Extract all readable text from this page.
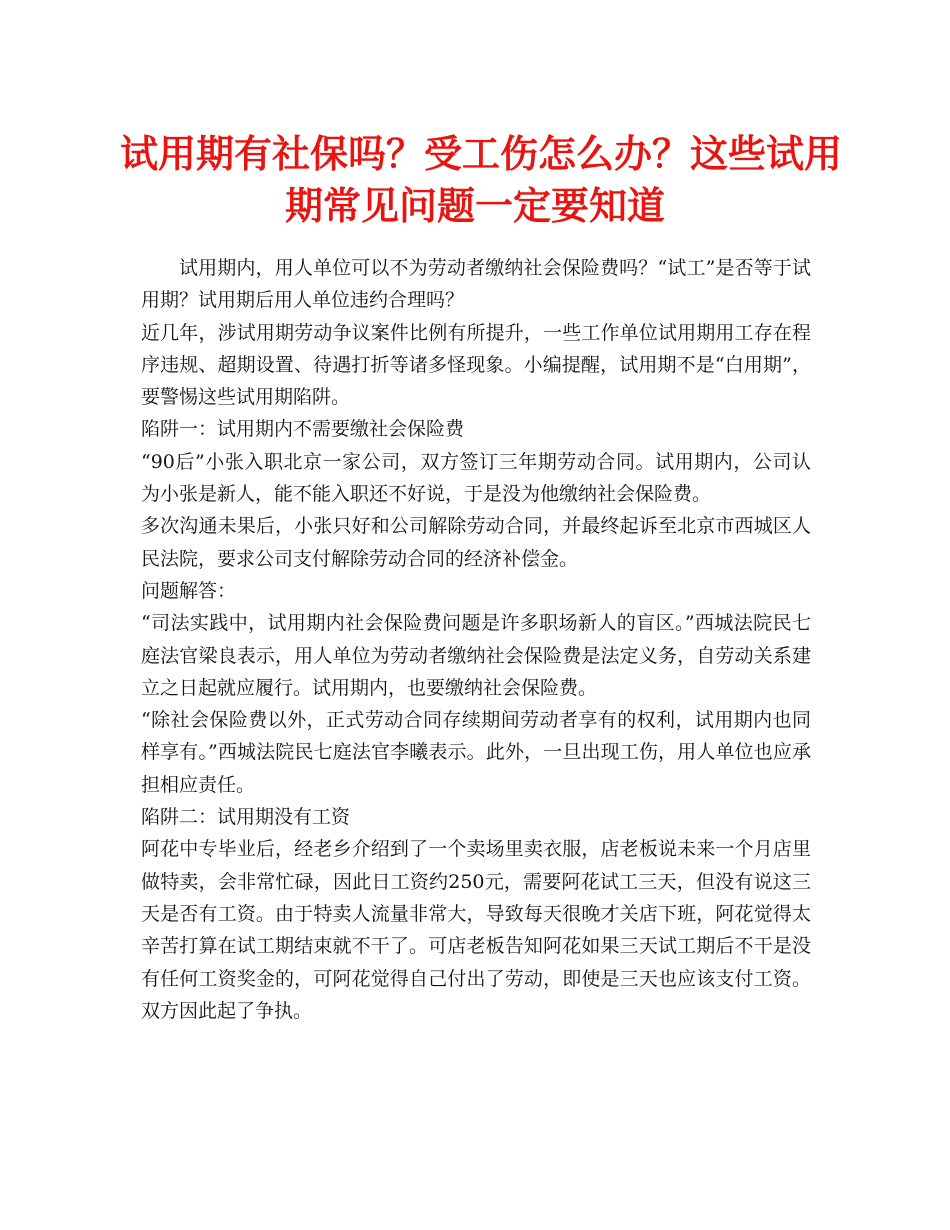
试用期有社保吗？受工伤怎么办？这些试用
期常见问题一定要知道

试用期内，用人单位可以不为劳动者缴纳社会保险费吗？“试工”是否等于试用期？试用期后用人单位违约合理吗？

近几年，涉试用期劳动争议案件比例有所提升，一些工作单位试用期用工存在程序违规、超期设置、待遇打折等诸多怪现象。小编提醒，试用期不是“白用期”，要警惕这些试用期陷阱。

陷阱一：试用期内不需要缴社会保险费

“90后”小张入职北京一家公司，双方签订三年期劳动合同。试用期内，公司认为小张是新人，能不能入职还不好说，于是没为他缴纳社会保险费。

多次沟通未果后，小张只好和公司解除劳动合同，并最终起诉至北京市西城区人民法院，要求公司支付解除劳动合同的经济补偿金。

问题解答：

“司法实践中，试用期内社会保险费问题是许多职场新人的盲区。”西城法院民七庭法官梁良表示，用人单位为劳动者缴纳社会保险费是法定义务，自劳动关系建立之日起就应履行。试用期内，也要缴纳社会保险费。

“除社会保险费以外，正式劳动合同存续期间劳动者享有的权利，试用期内也同样享有。”西城法院民七庭法官李曦表示。此外，一旦出现工伤，用人单位也应承担相应责任。

陷阱二：试用期没有工资

阿花中专毕业后，经老乡介绍到了一个卖场里卖衣服，店老板说未来一个月店里做特卖，会非常忙碌，因此日工资约250元，需要阿花试工三天，但没有说这三天是否有工资。由于特卖人流量非常大，导致每天很晚才关店下班，阿花觉得太辛苦打算在试工期结束就不干了。可店老板告知阿花如果三天试工期后不干是没有任何工资奖金的，可阿花觉得自己付出了劳动，即使是三天也应该支付工资。双方因此起了争执。
